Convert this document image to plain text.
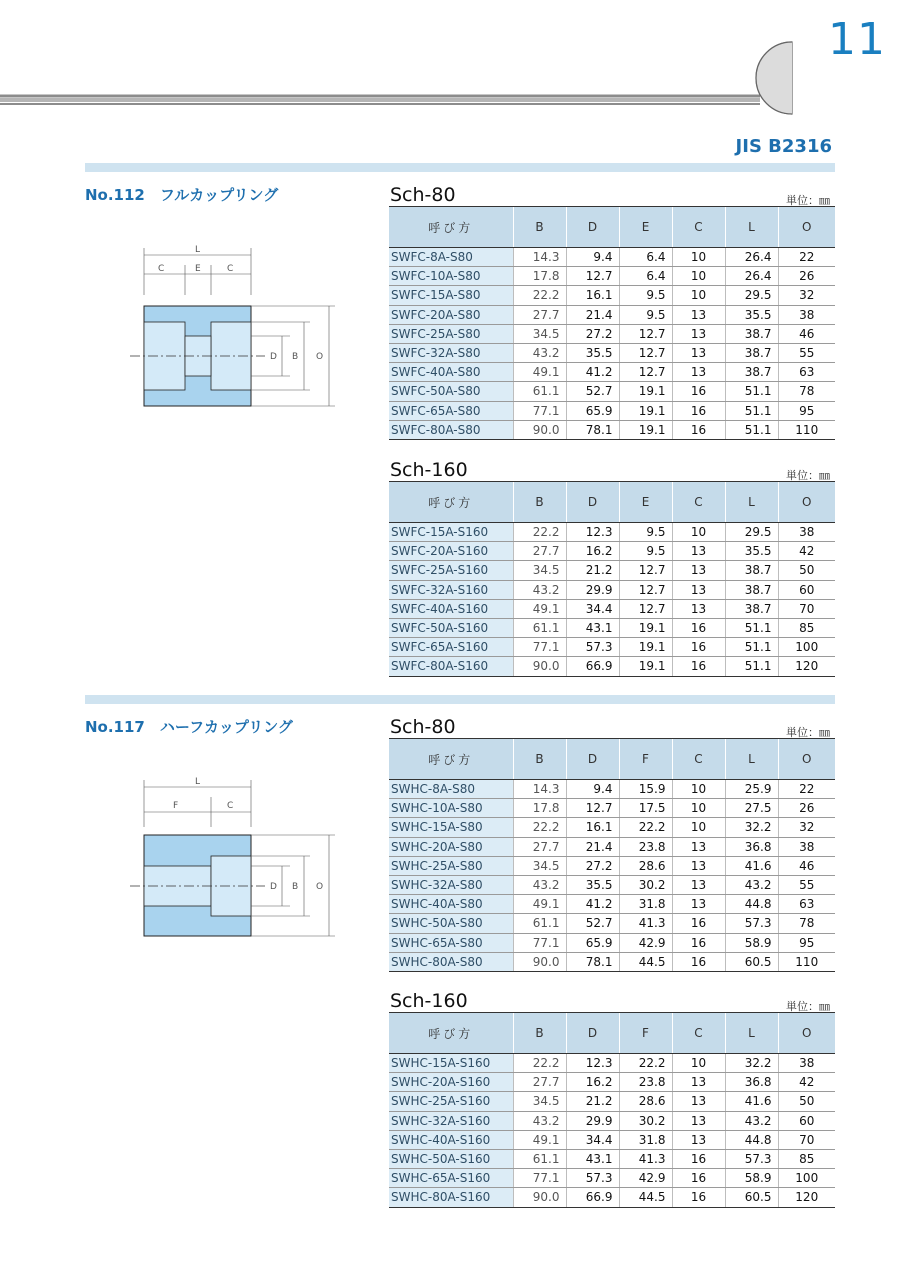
11
JIS B2316
No.112　フルカップリング
L
C	E	C
D B O
Sch-80	単位：㎜
呼び方	B	D	E	C	L	O
SWFC-8A-S80	14.3	9.4	6.4	10	26.4	22
SWFC-10A-S80	17.8	12.7	6.4	10	26.4	26
SWFC-15A-S80	22.2	16.1	9.5	10	29.5	32
SWFC-20A-S80	27.7	21.4	9.5	13	35.5	38
SWFC-25A-S80	34.5	27.2	12.7	13	38.7	46
SWFC-32A-S80	43.2	35.5	12.7	13	38.7	55
SWFC-40A-S80	49.1	41.2	12.7	13	38.7	63
SWFC-50A-S80	61.1	52.7	19.1	16	51.1	78
SWFC-65A-S80	77.1	65.9	19.1	16	51.1	95
SWFC-80A-S80	90.0	78.1	19.1	16	51.1	110
Sch-160	単位：㎜
呼び方	B	D	E	C	L	O
SWFC-15A-S160	22.2	12.3	9.5	10	29.5	38
SWFC-20A-S160	27.7	16.2	9.5	13	35.5	42
SWFC-25A-S160	34.5	21.2	12.7	13	38.7	50
SWFC-32A-S160	43.2	29.9	12.7	13	38.7	60
SWFC-40A-S160	49.1	34.4	12.7	13	38.7	70
SWFC-50A-S160	61.1	43.1	19.1	16	51.1	85
SWFC-65A-S160	77.1	57.3	19.1	16	51.1	100
SWFC-80A-S160	90.0	66.9	19.1	16	51.1	120
No.117　ハーフカップリング
L
F	C
D B O
Sch-80	単位：㎜
呼び方	B	D	F	C	L	O
SWHC-8A-S80	14.3	9.4	15.9	10	25.9	22
SWHC-10A-S80	17.8	12.7	17.5	10	27.5	26
SWHC-15A-S80	22.2	16.1	22.2	10	32.2	32
SWHC-20A-S80	27.7	21.4	23.8	13	36.8	38
SWHC-25A-S80	34.5	27.2	28.6	13	41.6	46
SWHC-32A-S80	43.2	35.5	30.2	13	43.2	55
SWHC-40A-S80	49.1	41.2	31.8	13	44.8	63
SWHC-50A-S80	61.1	52.7	41.3	16	57.3	78
SWHC-65A-S80	77.1	65.9	42.9	16	58.9	95
SWHC-80A-S80	90.0	78.1	44.5	16	60.5	110
Sch-160	単位：㎜
呼び方	B	D	F	C	L	O
SWHC-15A-S160	22.2	12.3	22.2	10	32.2	38
SWHC-20A-S160	27.7	16.2	23.8	13	36.8	42
SWHC-25A-S160	34.5	21.2	28.6	13	41.6	50
SWHC-32A-S160	43.2	29.9	30.2	13	43.2	60
SWHC-40A-S160	49.1	34.4	31.8	13	44.8	70
SWHC-50A-S160	61.1	43.1	41.3	16	57.3	85
SWHC-65A-S160	77.1	57.3	42.9	16	58.9	100
SWHC-80A-S160	90.0	66.9	44.5	16	60.5	120
